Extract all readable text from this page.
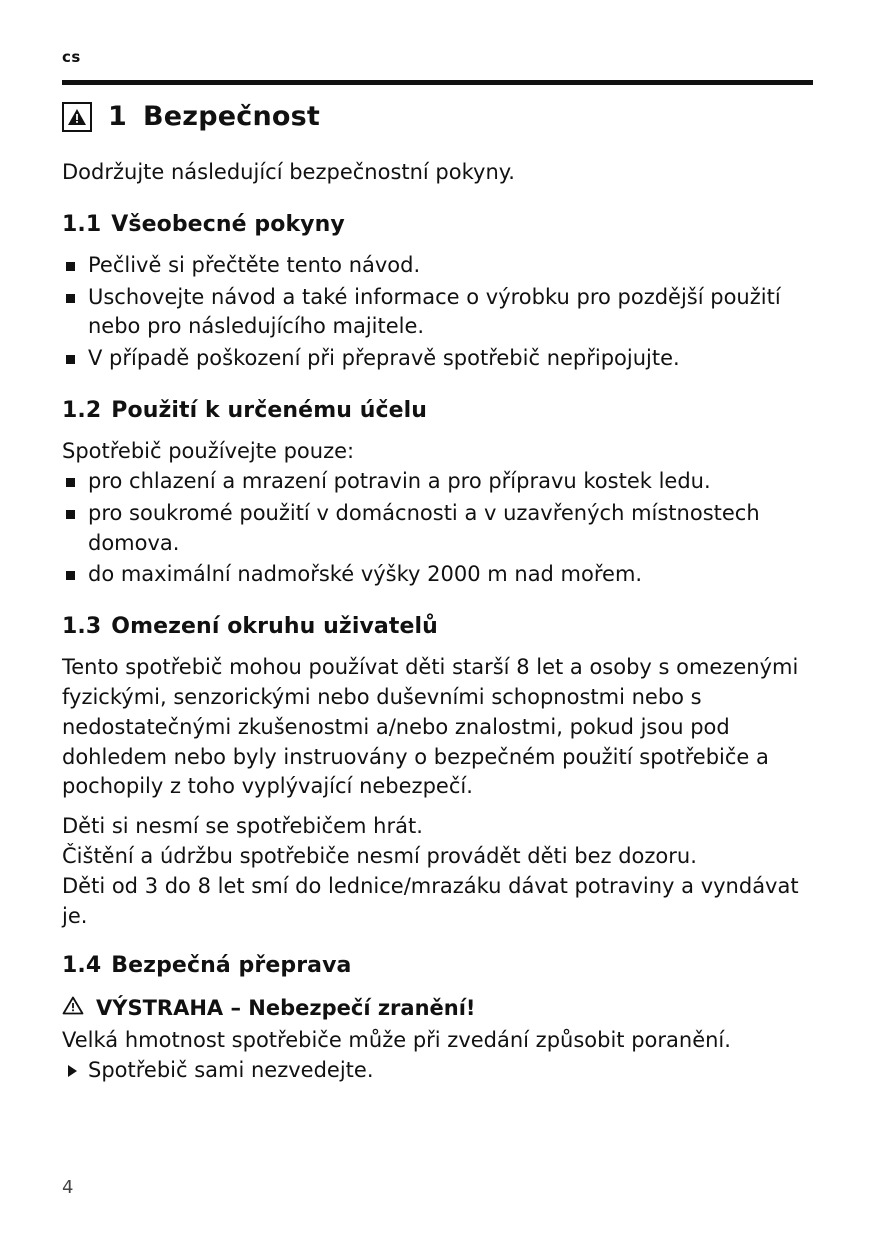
cs
1 Bezpečnost

Dodržujte následující bezpečnostní pokyny.

1.1 Všeobecné pokyny
Pečlivě si přečtěte tento návod.
Uschovejte návod a také informace o výrobku pro pozdější použití nebo pro následujícího majitele.
V případě poškození při přepravě spotřebič nepřipojujte.
1.2 Použití k určenému účelu

Spotřebič používejte pouze:

pro chlazení a mrazení potravin a pro přípravu kostek ledu.
pro soukromé použití v domácnosti a v uzavřených místnostech domova.
do maximální nadmořské výšky 2000 m nad mořem.
1.3 Omezení okruhu uživatelů

Tento spotřebič mohou používat děti starší 8 let a osoby s omezenými fyzickými, senzorickými nebo duševními schopnostmi nebo s nedostatečnými zkušenostmi a/nebo znalostmi, pokud jsou pod dohledem nebo byly instruovány o bezpečném použití spotřebiče a pochopily z toho vyplývající nebezpečí.

Děti si nesmí se spotřebičem hrát.

Čištění a údržbu spotřebiče nesmí provádět děti bez dozoru.

Děti od 3 do 8 let smí do lednice/mrazáku dávat potraviny a vyndávat je.

1.4 Bezpečná přeprava
VÝSTRAHA – Nebezpečí zranění!

Velká hmotnost spotřebiče může při zvedání způsobit poranění.

Spotřebič sami nezvedejte.
4
